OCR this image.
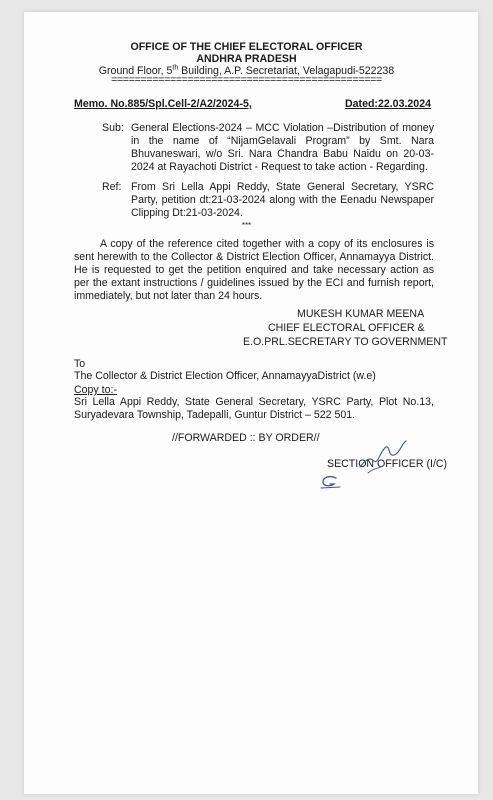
OFFICE OF THE CHIEF ELECTORAL OFFICER
ANDHRA PRADESH
Ground Floor, 5th Building, A.P. Secretariat, Velagapudi-522238
==============================================
Memo. No.885/Spl.Cell-2/A2/2024-5,	Dated:22.03.2024
Sub: General Elections-2024 – MCC Violation –Distribution of money in the name of “NijamGelavali Program” by Smt. Nara Bhuvaneswari, w/o Sri. Nara Chandra Babu Naidu on 20-03-2024 at Rayachoti District - Request to take action - Regarding.
Ref: From Sri Lella Appi Reddy, State General Secretary, YSRC Party, petition dt:21-03-2024 along with the Eenadu Newspaper Clipping Dt:21-03-2024.
***
A copy of the reference cited together with a copy of its enclosures is sent herewith to the Collector & District Election Officer, Annamayya District. He is requested to get the petition enquired and take necessary action as per the extant instructions / guidelines issued by the ECI and furnish report, immediately, but not later than 24 hours.
MUKESH KUMAR MEENA
CHIEF ELECTORAL OFFICER &
E.O.PRL.SECRETARY TO GOVERNMENT
To
The Collector & District Election Officer, AnnamayyaDistrict (w.e)
Copy to:-
Sri Lella Appi Reddy, State General Secretary, YSRC Party, Plot No.13, Suryadevara Township, Tadepalli, Guntur District – 522 501.
//FORWARDED :: BY ORDER//
SECTION OFFICER (I/C)
